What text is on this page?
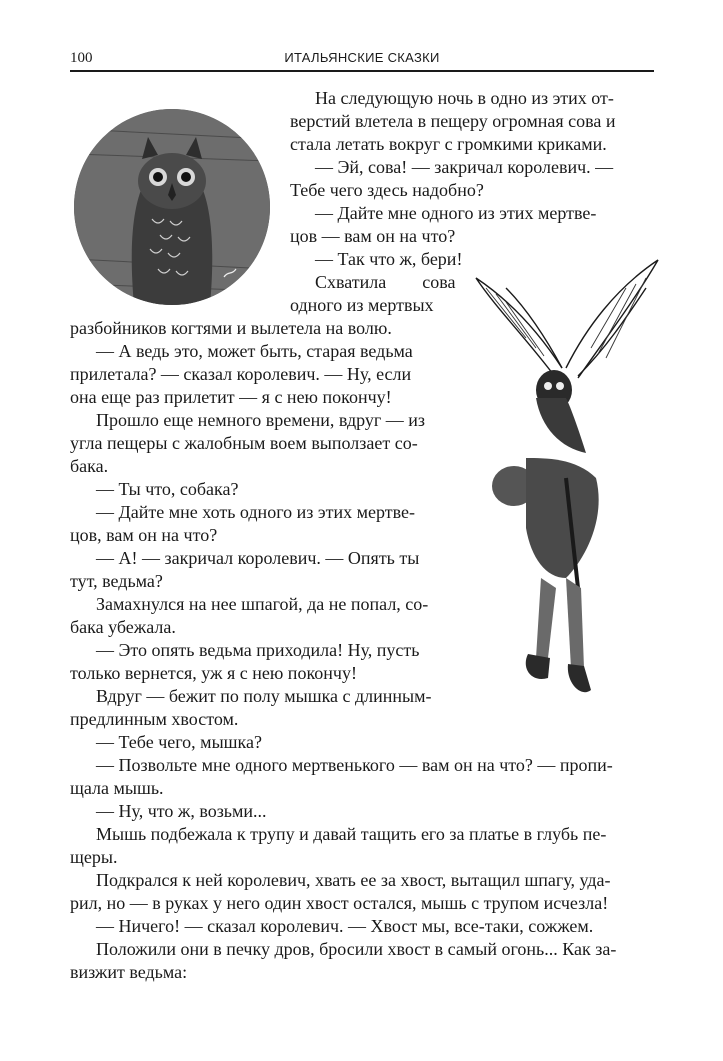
100	ИТАЛЬЯНСКИЕ СКАЗКИ
На следующую ночь в одно из этих от-
верстий влетела в пещеру огромная сова и
стала летать вокруг с громкими криками.
— Эй, сова! — закричал королевич. —
Тебе чего здесь надобно?
— Дайте мне одного из этих мертве-
цов — вам он на что?
— Так что ж, бери!
Схватила        сова
одного из мертвых
разбойников когтями и вылетела на волю.
— А ведь это, может быть, старая ведьма
прилетала? — сказал королевич. — Ну, если
она еще раз прилетит — я с нею покончу!
Прошло еще немного времени, вдруг — из
угла пещеры с жалобным воем выползает со-
бака.
— Ты что, собака?
— Дайте мне хоть одного из этих мертве-
цов, вам он на что?
— А! — закричал королевич. — Опять ты
тут, ведьма?
Замахнулся на нее шпагой, да не попал, со-
бака убежала.
— Это опять ведьма приходила! Ну, пусть
только вернется, уж я с нею покончу!
Вдруг — бежит по полу мышка с длинным-
предлинным хвостом.
— Тебе чего, мышка?
— Позвольте мне одного мертвенького — вам он на что? — пропи-
щала мышь.
— Ну, что ж, возьми...
Мышь подбежала к трупу и давай тащить его за платье в глубь пе-
щеры.
Подкрался к ней королевич, хвать ее за хвост, вытащил шпагу, уда-
рил, но — в руках у него один хвост остался, мышь с трупом исчезла!
— Ничего! — сказал королевич. — Хвост мы, все-таки, сожжем.
Положили они в печку дров, бросили хвост в самый огонь... Как за-
визжит ведьма:
